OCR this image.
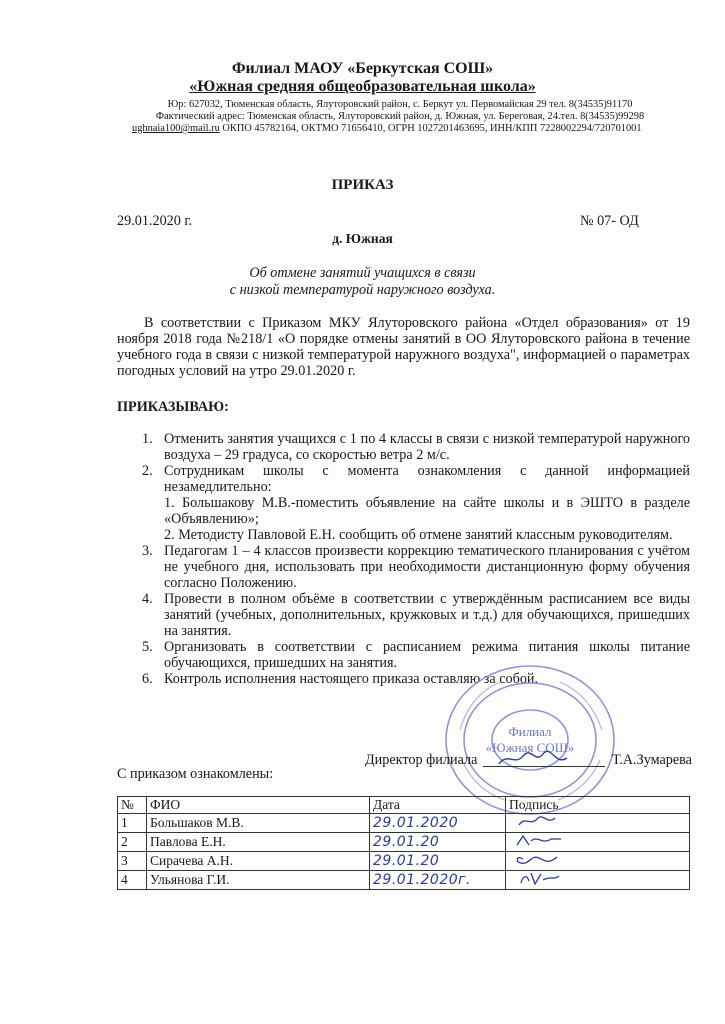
Филиал МАОУ «Беркутская СОШ»
«Южная средняя общеобразовательная школа»
Юр: 627032, Тюменская область, Ялуторовский район, с. Беркут ул. Первомайская 29 тел. 8(34535)91170
Фактический адрес: Тюменская область, Ялуторовский район, д. Южная, ул. Береговая, 24.тел. 8(34535)99298
ughnaia100@mail.ru ОКПО 45782164, ОКТМО 71656410, ОГРН 1027201463695, ИНН/КПП 7228002294/720701001
ПРИКАЗ
29.01.2020 г.	№ 07- ОД
д. Южная
Об отмене занятий учащихся в связи
с низкой температурой наружного воздуха.
В соответствии с Приказом МКУ Ялуторовского района «Отдел образования» от 19 ноября 2018 года №218/1 «О порядке отмены занятий в ОО Ялуторовского района в течение учебного года в связи с низкой температурой наружного воздуха", информацией о параметрах погодных условий на утро 29.01.2020 г.
ПРИКАЗЫВАЮ:
1. Отменить занятия учащихся с 1 по 4 классы в связи с низкой температурой наружного воздуха – 29 градуса, со скоростью ветра 2 м/с.
2. Сотрудникам школы с момента ознакомления с данной информацией незамедлительно:
1. Большакову М.В.-поместить объявление на сайте школы и в ЭШТО в разделе «Объявлению»;
2. Методисту Павловой Е.Н. сообщить об отмене занятий классным руководителям.
3. Педагогам 1 – 4 классов произвести коррекцию тематического планирования с учётом не учебного дня, использовать при необходимости дистанционную форму обучения согласно Положению.
4. Провести в полном объёме в соответствии с утверждённым расписанием все виды занятий (учебных, дополнительных, кружковых и т.д.) для обучающихся, пришедших на занятия.
5. Организовать в соответствии с расписанием режима питания школы питание обучающихся, пришедших на занятия.
6. Контроль исполнения настоящего приказа оставляю за собой.
Филиал
«Южная СОШ»
Директор филиала	Т.А.Зумарева
С приказом ознакомлены:
№	ФИО	Дата	Подпись
1	Большаков М.В.	29.01.2020	
2	Павлова Е.Н.	29.01.20	
3	Сирачева А.Н.	29.01.20	
4	Ульянова Г.И.	29.01.2020г.	
